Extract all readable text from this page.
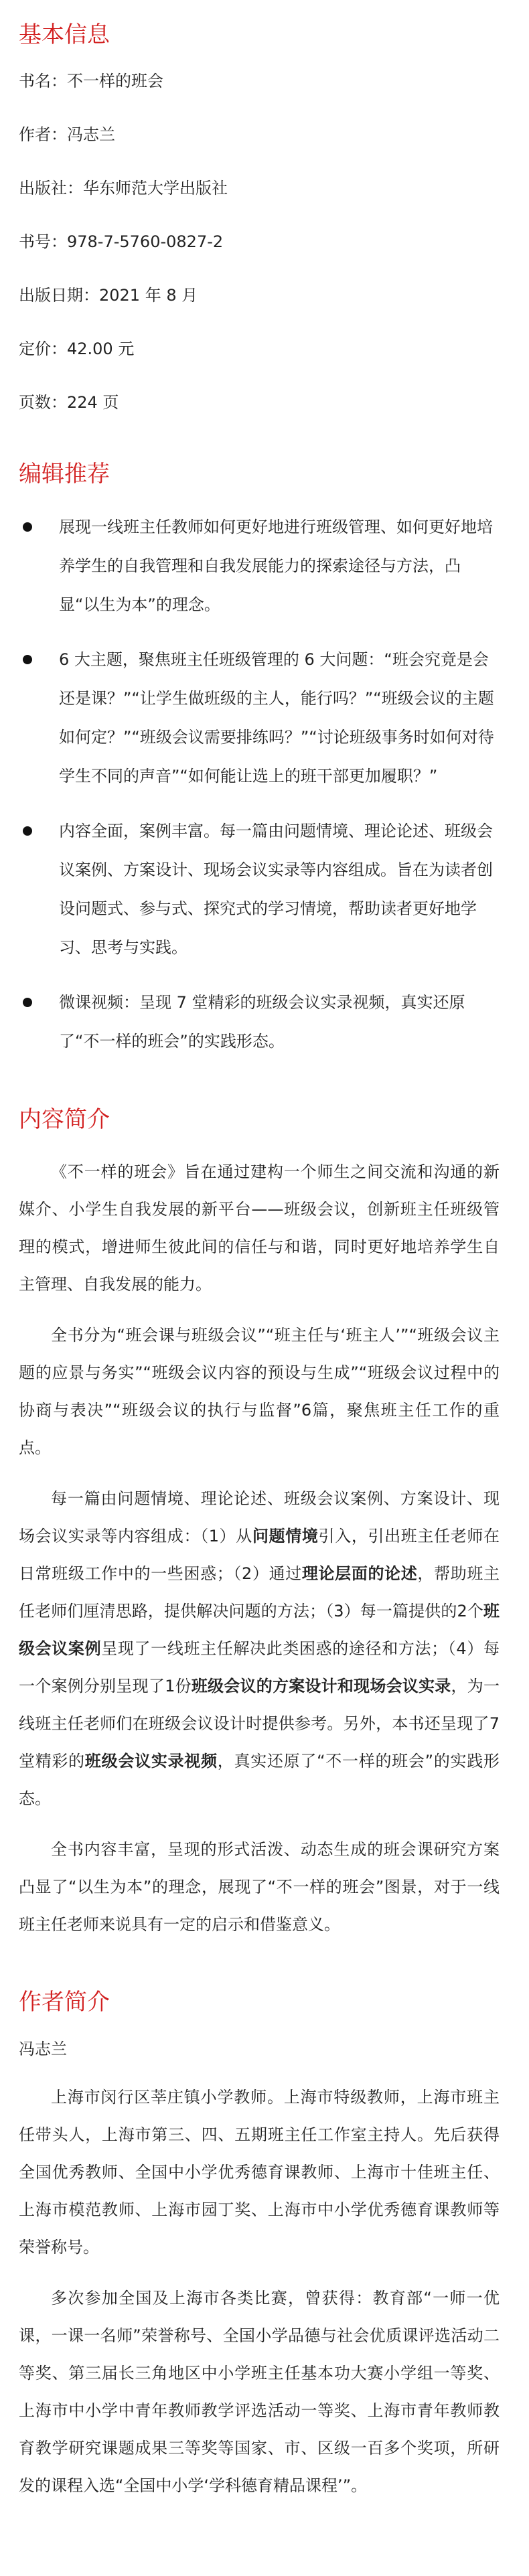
基本信息

书名：不一样的班会

作者：冯志兰

出版社：华东师范大学出版社

书号：978-7-5760-0827-2

出版日期：2021 年 8 月

定价：42.00 元

页数：224 页

编辑推荐
展现一线班主任教师如何更好地进行班级管理、如何更好地培养学生的自我管理和自我发展能力的探索途径与方法，凸显“以生为本”的理念。
6 大主题，聚焦班主任班级管理的 6 大问题：“班会究竟是会还是课？”“让学生做班级的主人，能行吗？”“班级会议的主题如何定？”“班级会议需要排练吗？”“讨论班级事务时如何对待学生不同的声音”“如何能让选上的班干部更加履职？”
内容全面，案例丰富。每一篇由问题情境、理论论述、班级会议案例、方案设计、现场会议实录等内容组成。旨在为读者创设问题式、参与式、探究式的学习情境，帮助读者更好地学习、思考与实践。
微课视频：呈现 7 堂精彩的班级会议实录视频，真实还原了“不一样的班会”的实践形态。
内容简介

《不一样的班会》旨在通过建构一个师生之间交流和沟通的新媒介、小学生自我发展的新平台——班级会议，创新班主任班级管理的模式，增进师生彼此间的信任与和谐，同时更好地培养学生自主管理、自我发展的能力。

全书分为“班会课与班级会议”“班主任与‘班主人’”“班级会议主题的应景与务实”“班级会议内容的预设与生成”“班级会议过程中的协商与表决”“班级会议的执行与监督”6篇，聚焦班主任工作的重点。

每一篇由问题情境、理论论述、班级会议案例、方案设计、现场会议实录等内容组成：（1）从问题情境引入，引出班主任老师在日常班级工作中的一些困惑；（2）通过理论层面的论述，帮助班主任老师们厘清思路，提供解决问题的方法；（3）每一篇提供的2个班级会议案例呈现了一线班主任解决此类困惑的途径和方法；（4）每一个案例分别呈现了1份班级会议的方案设计和现场会议实录，为一线班主任老师们在班级会议设计时提供参考。另外，本书还呈现了7堂精彩的班级会议实录视频，真实还原了“不一样的班会”的实践形态。

全书内容丰富，呈现的形式活泼、动态生成的班会课研究方案凸显了“以生为本”的理念，展现了“不一样的班会”图景，对于一线班主任老师来说具有一定的启示和借鉴意义。

作者简介

冯志兰

上海市闵行区莘庄镇小学教师。上海市特级教师，上海市班主任带头人，上海市第三、四、五期班主任工作室主持人。先后获得全国优秀教师、全国中小学优秀德育课教师、上海市十佳班主任、上海市模范教师、上海市园丁奖、上海市中小学优秀德育课教师等荣誉称号。

多次参加全国及上海市各类比赛，曾获得：教育部“一师一优课，一课一名师”荣誉称号、全国小学品德与社会优质课评选活动二等奖、第三届长三角地区中小学班主任基本功大赛小学组一等奖、上海市中小学中青年教师教学评选活动一等奖、上海市青年教师教育教学研究课题成果三等奖等国家、市、区级一百多个奖项，所研发的课程入选“全国中小学‘学科德育精品课程’”。
